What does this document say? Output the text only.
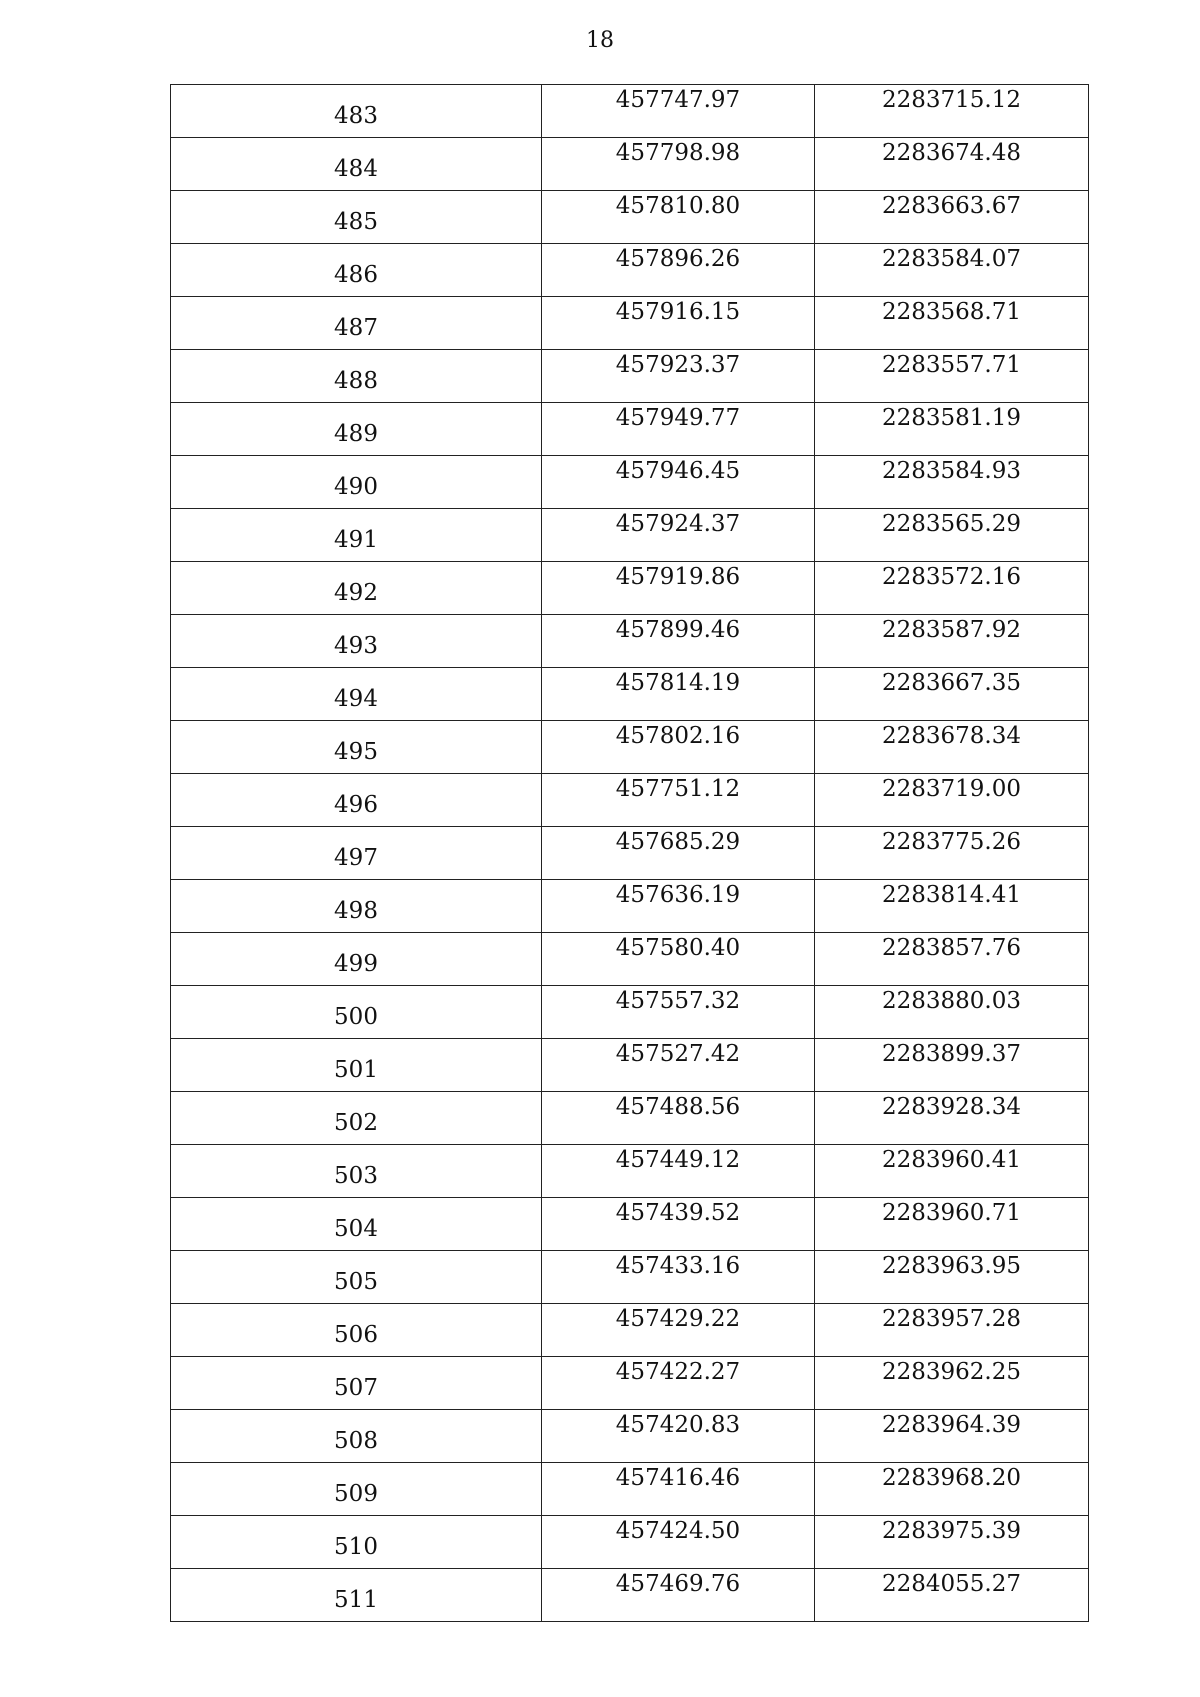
18
483	457747.97	2283715.12
484	457798.98	2283674.48
485	457810.80	2283663.67
486	457896.26	2283584.07
487	457916.15	2283568.71
488	457923.37	2283557.71
489	457949.77	2283581.19
490	457946.45	2283584.93
491	457924.37	2283565.29
492	457919.86	2283572.16
493	457899.46	2283587.92
494	457814.19	2283667.35
495	457802.16	2283678.34
496	457751.12	2283719.00
497	457685.29	2283775.26
498	457636.19	2283814.41
499	457580.40	2283857.76
500	457557.32	2283880.03
501	457527.42	2283899.37
502	457488.56	2283928.34
503	457449.12	2283960.41
504	457439.52	2283960.71
505	457433.16	2283963.95
506	457429.22	2283957.28
507	457422.27	2283962.25
508	457420.83	2283964.39
509	457416.46	2283968.20
510	457424.50	2283975.39
511	457469.76	2284055.27
